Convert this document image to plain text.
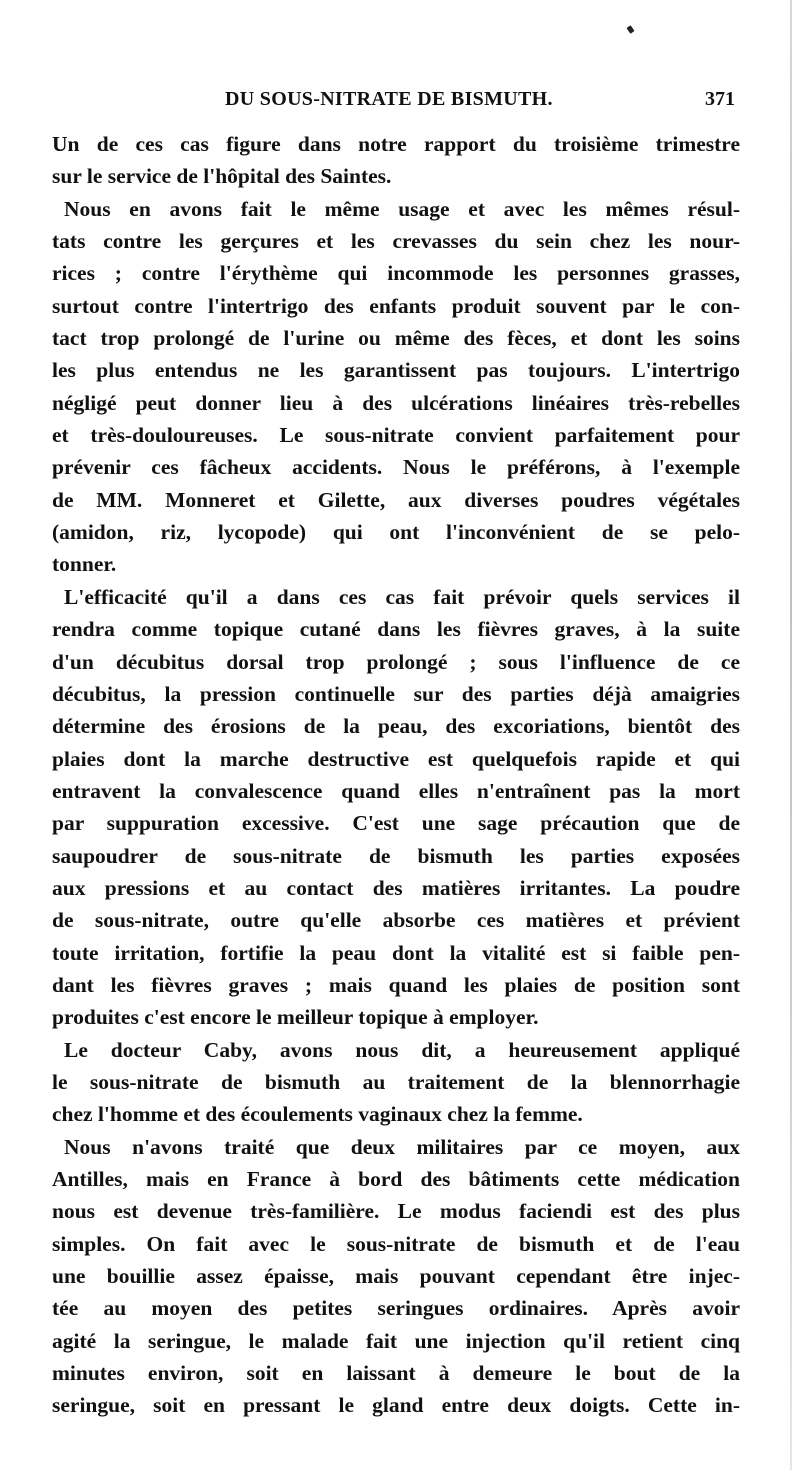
DU SOUS-NITRATE DE BISMUTH.	371
Un de ces cas figure dans notre rapport du troisième trimestre
sur le service de l'hôpital des Saintes.
Nous en avons fait le même usage et avec les mêmes résul-
tats contre les gerçures et les crevasses du sein chez les nour-
rices ; contre l'érythème qui incommode les personnes grasses,
surtout contre l'intertrigo des enfants produit souvent par le con-
tact trop prolongé de l'urine ou même des fèces, et dont les soins
les plus entendus ne les garantissent pas toujours. L'intertrigo
négligé peut donner lieu à des ulcérations linéaires très-rebelles
et très-douloureuses. Le sous-nitrate convient parfaitement pour
prévenir ces fâcheux accidents. Nous le préférons, à l'exemple
de MM. Monneret et Gilette, aux diverses poudres végétales
(amidon, riz, lycopode) qui ont l'inconvénient de se pelo-
tonner.
L'efficacité qu'il a dans ces cas fait prévoir quels services il
rendra comme topique cutané dans les fièvres graves, à la suite
d'un décubitus dorsal trop prolongé ; sous l'influence de ce
décubitus, la pression continuelle sur des parties déjà amaigries
détermine des érosions de la peau, des excoriations, bientôt des
plaies dont la marche destructive est quelquefois rapide et qui
entravent la convalescence quand elles n'entraînent pas la mort
par suppuration excessive. C'est une sage précaution que de
saupoudrer de sous-nitrate de bismuth les parties exposées
aux pressions et au contact des matières irritantes. La poudre
de sous-nitrate, outre qu'elle absorbe ces matières et prévient
toute irritation, fortifie la peau dont la vitalité est si faible pen-
dant les fièvres graves ; mais quand les plaies de position sont
produites c'est encore le meilleur topique à employer.
Le docteur Caby, avons nous dit, a heureusement appliqué
le sous-nitrate de bismuth au traitement de la blennorrhagie
chez l'homme et des écoulements vaginaux chez la femme.
Nous n'avons traité que deux militaires par ce moyen, aux
Antilles, mais en France à bord des bâtiments cette médication
nous est devenue très-familière. Le modus faciendi est des plus
simples. On fait avec le sous-nitrate de bismuth et de l'eau
une bouillie assez épaisse, mais pouvant cependant être injec-
tée au moyen des petites seringues ordinaires. Après avoir
agité la seringue, le malade fait une injection qu'il retient cinq
minutes environ, soit en laissant à demeure le bout de la
seringue, soit en pressant le gland entre deux doigts. Cette in-
